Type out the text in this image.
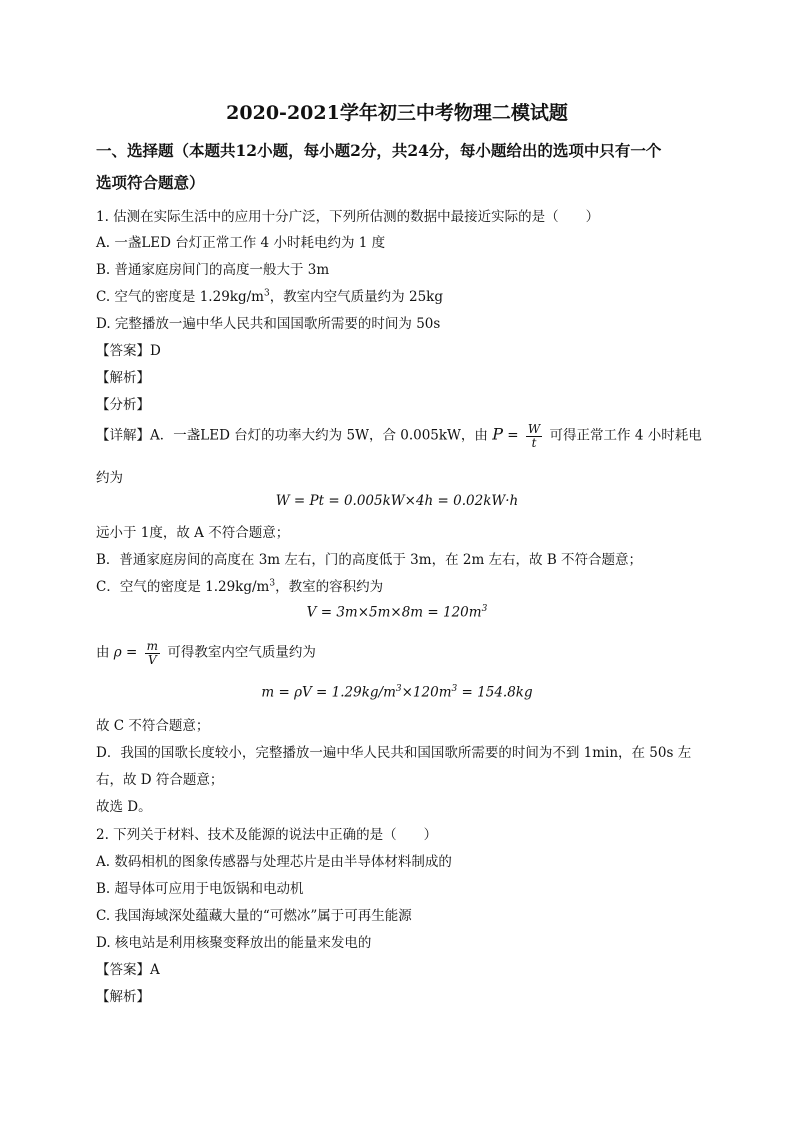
2020-2021学年初三中考物理二模试题
一、选择题（本题共12小题，每小题2分，共24分，每小题给出的选项中只有一个
选项符合题意）
1. 估测在实际生活中的应用十分广泛，下列所估测的数据中最接近实际的是（　　）
A. 一盏LED 台灯正常工作 4 小时耗电约为 1 度
B. 普通家庭房间门的高度一般大于 3m
C. 空气的密度是 $1.29kg/m^3$，教室内空气质量约为 25kg
D. 完整播放一遍中华人民共和国国歌所需要的时间为 50s
【答案】D
【解析】
【分析】
【详解】A．一盏LED 台灯的功率大约为 5W，合 0.005kW，由 $P = \frac{W}{t}$ 可得正常工作 4 小时耗电
约为
W = Pt = 0.005kW×4h = 0.02kW·h
远小于 1度，故 A 不符合题意；
B．普通家庭房间的高度在 3m 左右，门的高度低于 3m，在 2m 左右，故 B 不符合题意；
C．空气的密度是 $1.29kg/m^3$，教室的容积约为
$V = 3m\times 5m\times 8m = 120m^3$
由 $\rho = \frac{m}{V}$ 可得教室内空气质量约为
$m = \rho V = 1.29kg/m^3\times 120m^3 = 154.8kg$
故 C 不符合题意；
D．我国的国歌长度较小，完整播放一遍中华人民共和国国歌所需要的时间为不到 1min，在 50s 左
右，故 D 符合题意；
故选 D。
2. 下列关于材料、技术及能源的说法中正确的是（　　）
A. 数码相机的图象传感器与处理芯片是由半导体材料制成的
B. 超导体可应用于电饭锅和电动机
C. 我国海域深处蕴藏大量的“可燃冰”属于可再生能源
D. 核电站是利用核聚变释放出的能量来发电的
【答案】A
【解析】
